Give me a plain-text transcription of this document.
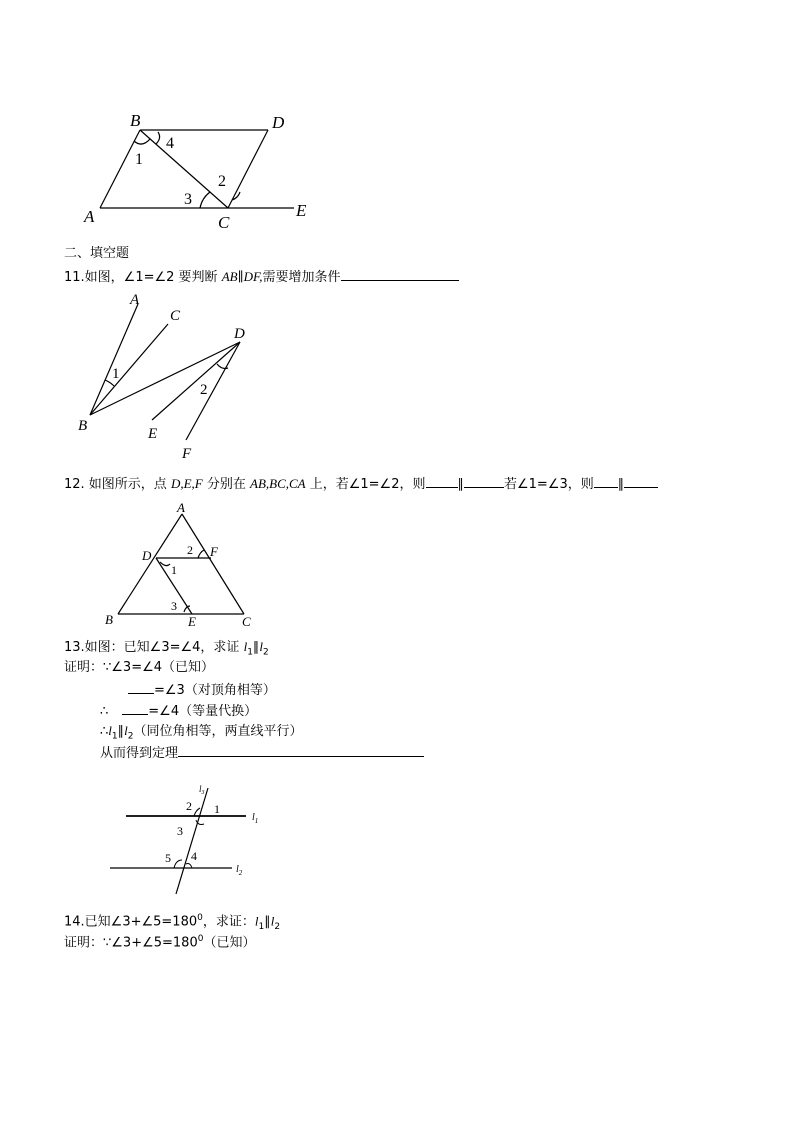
B	D
A	C
E
1
4
3
2
二、填空题
11.如图，∠1=∠2 要判断 AB∥DF,需要增加条件
A
C
D
B	E
F
1
2
12. 如图所示，点 D,E,F 分别在 AB,BC,CA 上，若∠1=∠2，则 ∥	若∠1=∠3，则 ∥
A
D	F
B	E	C
2
1
3
13.如图：已知∠3=∠4，求证 $l_1\parallel l_2$
证明：∵∠3=∠4（已知）
=∠3（对顶角相等）
∴	=∠4（等量代换）
$\therefore l_1\parallel l_2$（同位角相等，两直线平行）
从而得到定理
$l_3$
$l_1$
$l_2$
2 1
3
5 4
14.已知$\angle 3+\angle 5=180^0$，求证：$l_1\parallel l_2$
证明：$\because\angle 3+\angle 5=180^0$（已知）
